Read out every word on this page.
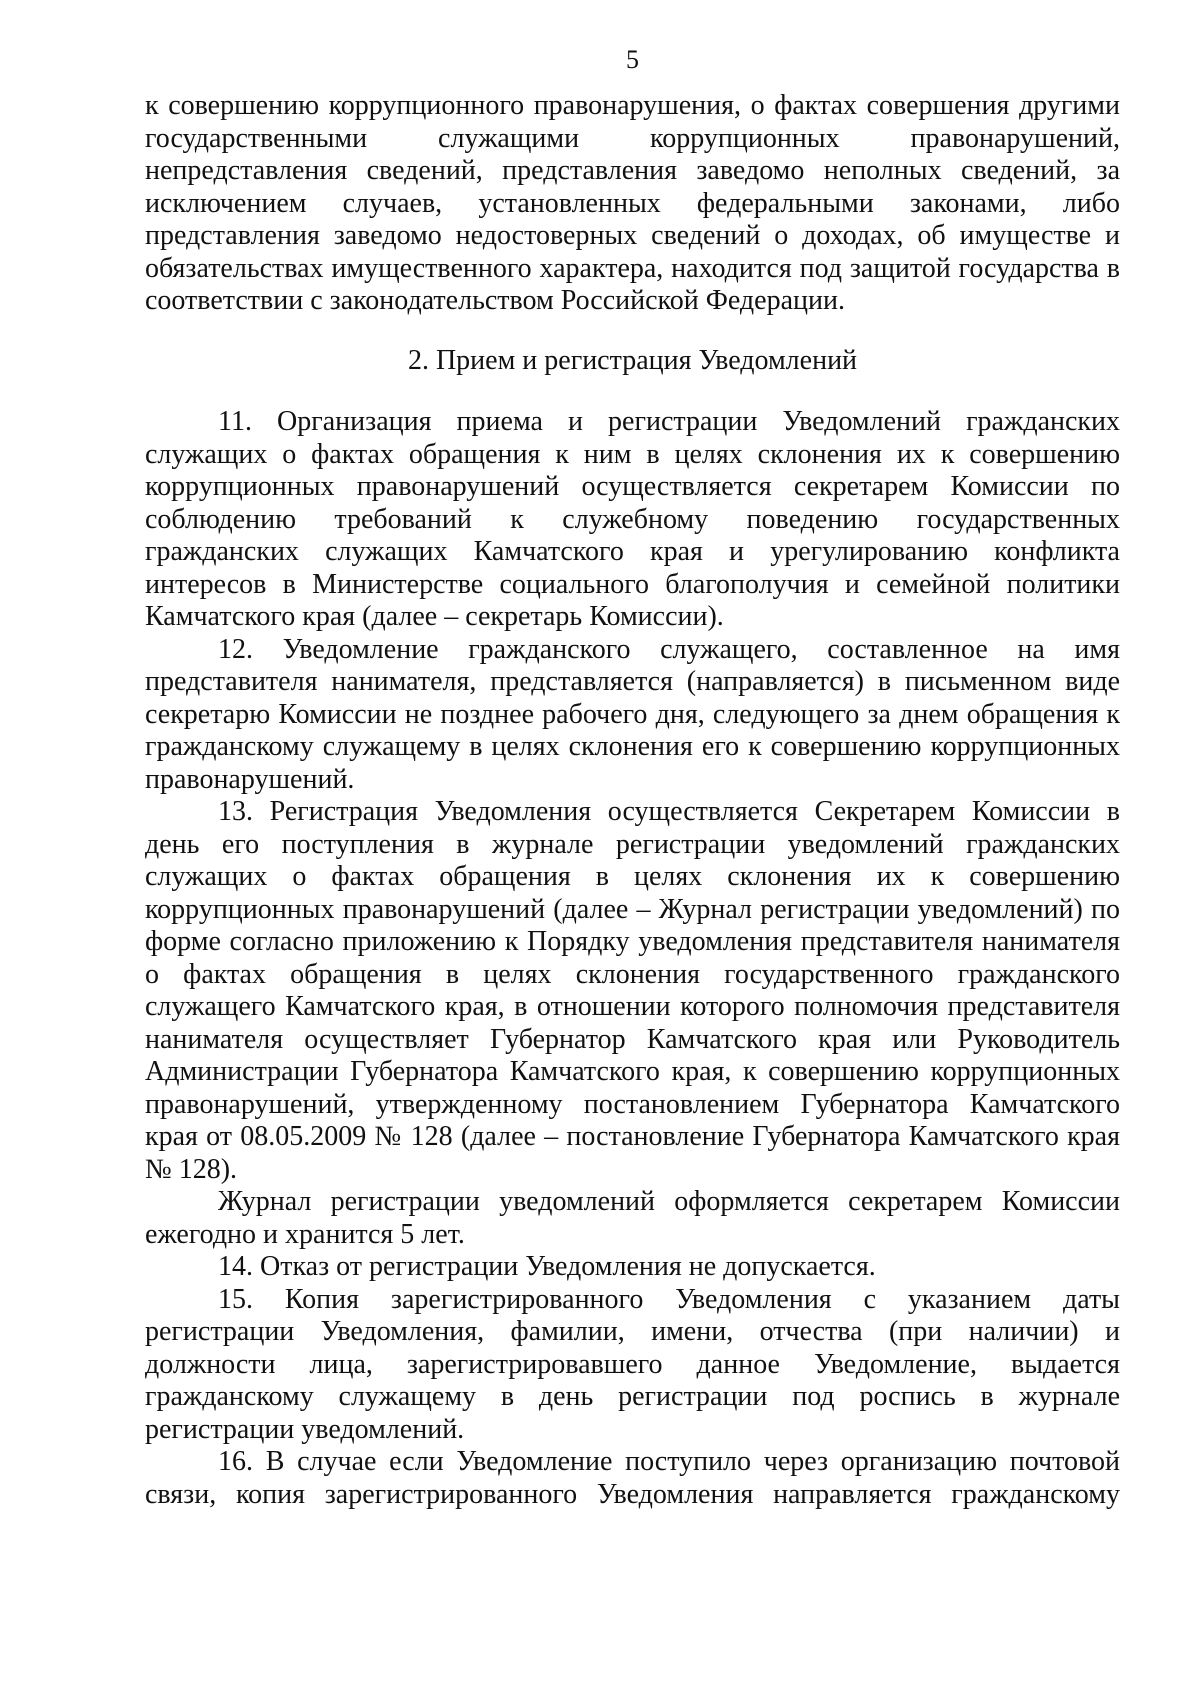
5

к совершению коррупционного правонарушения, о фактах совершения другими государственными служащими коррупционных правонарушений, непредставления сведений, представления заведомо неполных сведений, за исключением случаев, установленных федеральными законами, либо представления заведомо недостоверных сведений о доходах, об имуществе и обязательствах имущественного характера, находится под защитой государства в соответствии с законодательством Российской Федерации.

2. Прием и регистрация Уведомлений

11. Организация приема и регистрации Уведомлений гражданских служащих о фактах обращения к ним в целях склонения их к совершению коррупционных правонарушений осуществляется секретарем Комиссии по соблюдению требований к служебному поведению государственных гражданских служащих Камчатского края и урегулированию конфликта интересов в Министерстве социального благополучия и семейной политики Камчатского края (далее – секретарь Комиссии).

12. Уведомление гражданского служащего, составленное на имя представителя нанимателя, представляется (направляется) в письменном виде секретарю Комиссии не позднее рабочего дня, следующего за днем обращения к гражданскому служащему в целях склонения его к совершению коррупционных правонарушений.

13. Регистрация Уведомления осуществляется Секретарем Комиссии в день его поступления в журнале регистрации уведомлений гражданских служащих о фактах обращения в целях склонения их к совершению коррупционных правонарушений (далее – Журнал регистрации уведомлений) по форме согласно приложению к Порядку уведомления представителя нанимателя о фактах обращения в целях склонения государственного гражданского служащего Камчатского края, в отношении которого полномочия представителя нанимателя осуществляет Губернатор Камчатского края или Руководитель Администрации Губернатора Камчатского края, к совершению коррупционных правонарушений, утвержденному постановлением Губернатора Камчатского края от 08.05.2009 № 128 (далее – постановление Губернатора Камчатского края № 128).

Журнал регистрации уведомлений оформляется секретарем Комиссии ежегодно и хранится 5 лет.

14. Отказ от регистрации Уведомления не допускается.

15. Копия зарегистрированного Уведомления с указанием даты регистрации Уведомления, фамилии, имени, отчества (при наличии) и должности лица, зарегистрировавшего данное Уведомление, выдается гражданскому служащему в день регистрации под роспись в журнале регистрации уведомлений.

16. В случае если Уведомление поступило через организацию почтовой связи, копия зарегистрированного Уведомления направляется гражданскому
